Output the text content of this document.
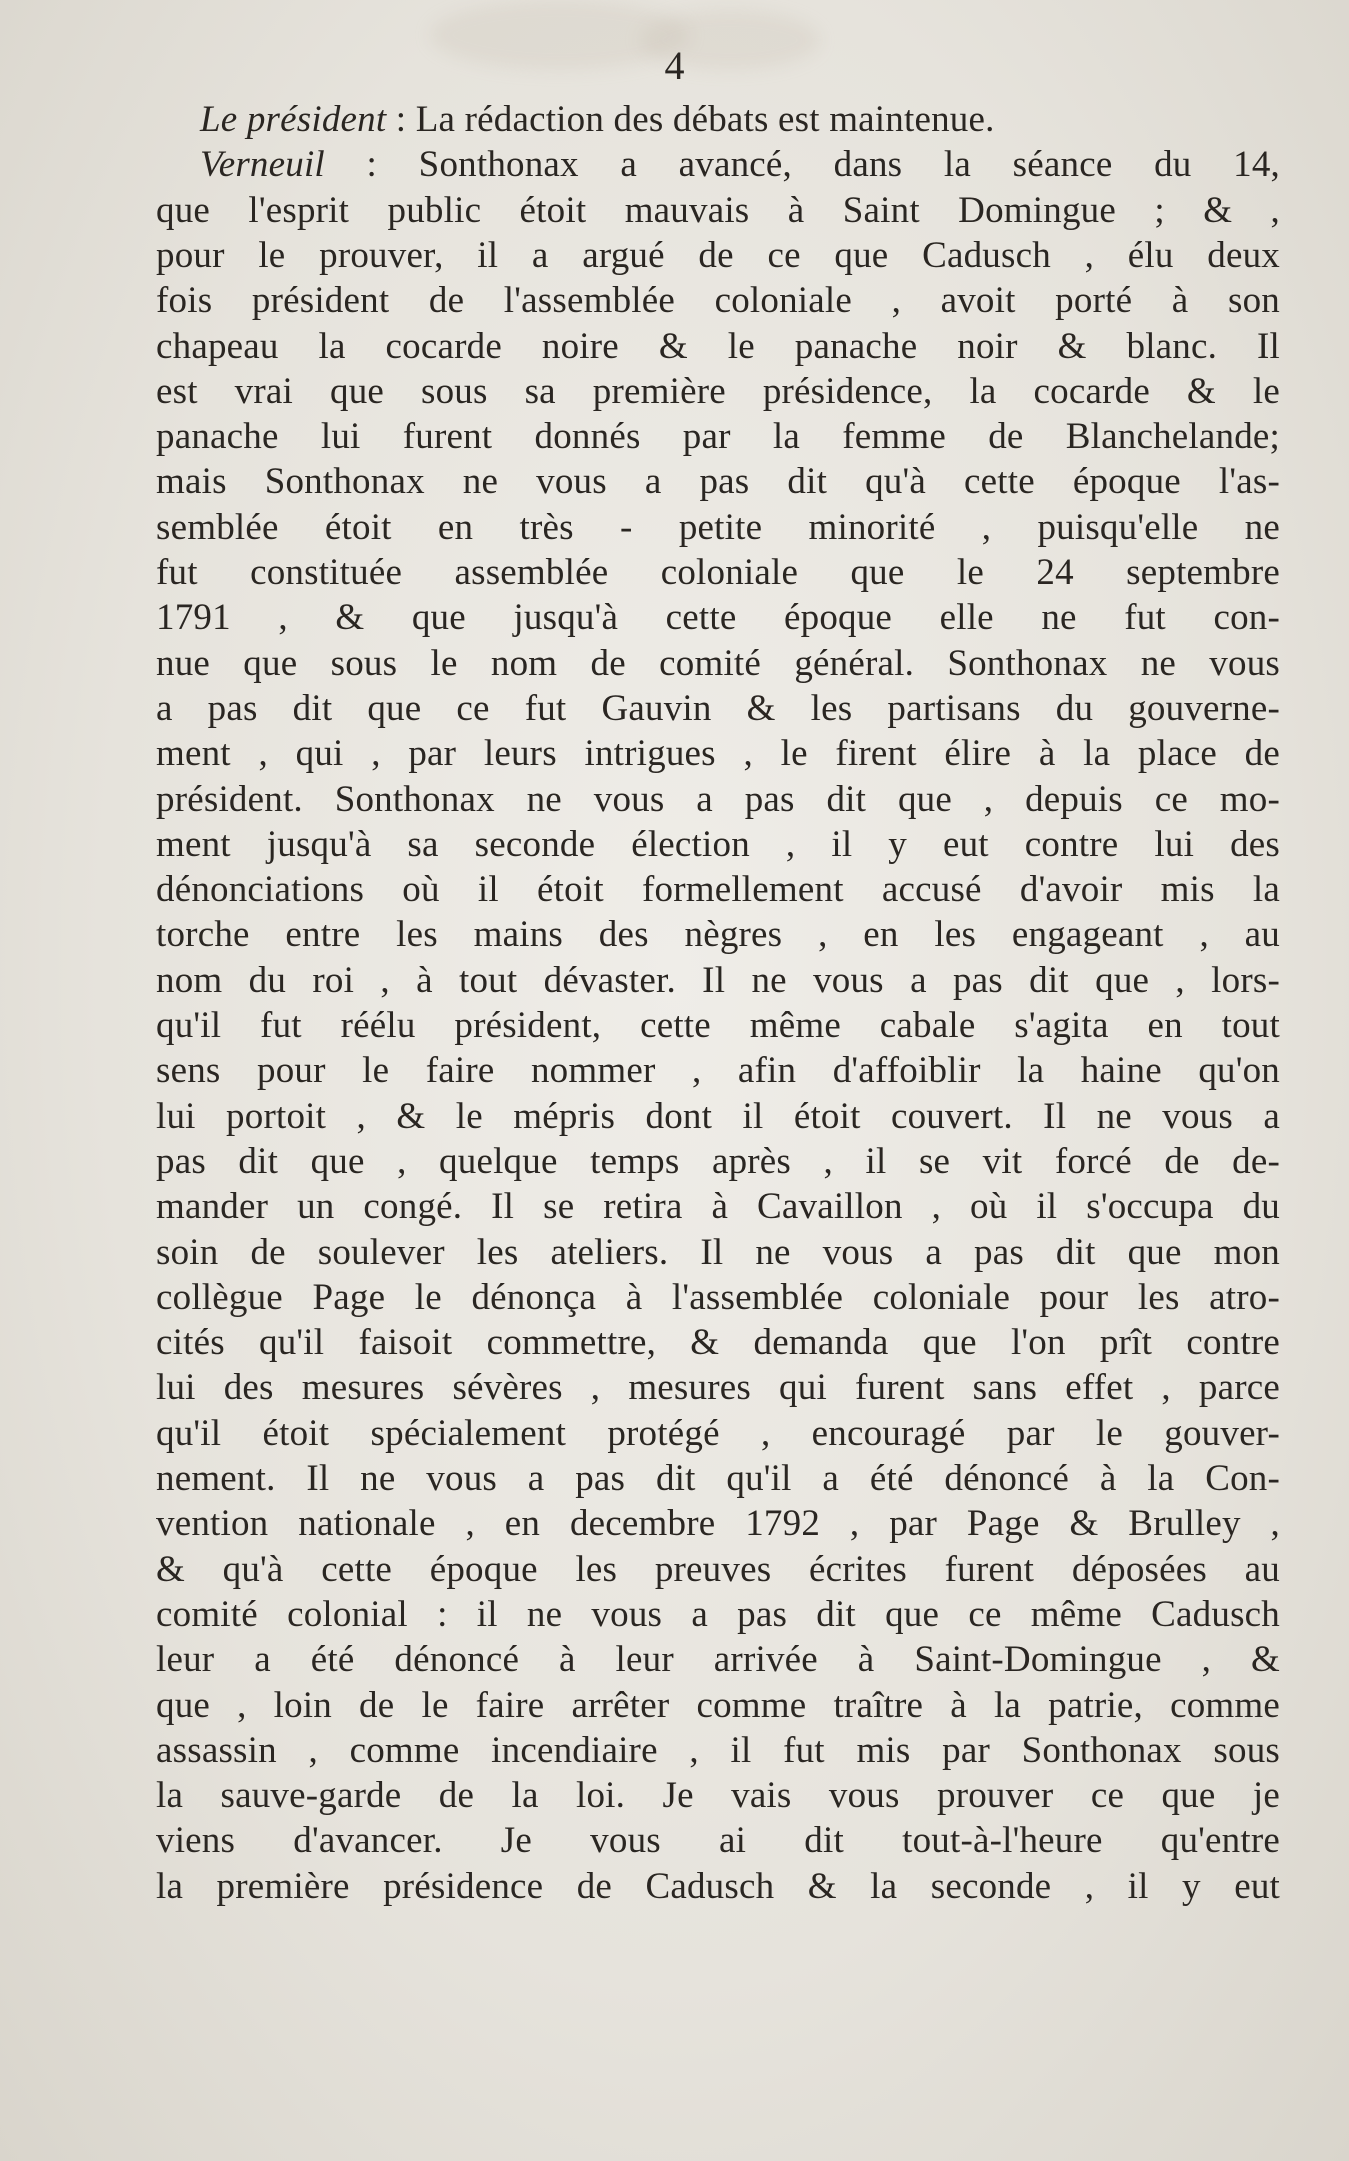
4
Le président : La rédaction des débats est maintenue.
Verneuil : Sonthonax a avancé, dans la séance du 14,
que l'esprit public étoit mauvais à Saint Domingue ; & ,
pour le prouver, il a argué de ce que Cadusch , élu deux
fois président de l'assemblée coloniale , avoit porté à son
chapeau la cocarde noire & le panache noir & blanc. Il
est vrai que sous sa première présidence, la cocarde & le
panache lui furent donnés par la femme de Blanchelande;
mais Sonthonax ne vous a pas dit qu'à cette époque l'as-
semblée étoit en très - petite minorité , puisqu'elle ne
fut constituée assemblée coloniale que le 24 septembre
1791 , & que jusqu'à cette époque elle ne fut con-
nue que sous le nom de comité général. Sonthonax ne vous
a pas dit que ce fut Gauvin & les partisans du gouverne-
ment , qui , par leurs intrigues , le firent élire à la place de
président. Sonthonax ne vous a pas dit que , depuis ce mo-
ment jusqu'à sa seconde élection , il y eut contre lui des
dénonciations où il étoit formellement accusé d'avoir mis la
torche entre les mains des nègres , en les engageant , au
nom du roi , à tout dévaster. Il ne vous a pas dit que , lors-
qu'il fut réélu président, cette même cabale s'agita en tout
sens pour le faire nommer , afin d'affoiblir la haine qu'on
lui portoit , & le mépris dont il étoit couvert. Il ne vous a
pas dit que , quelque temps après , il se vit forcé de de-
mander un congé. Il se retira à Cavaillon , où il s'occupa du
soin de soulever les ateliers. Il ne vous a pas dit que mon
collègue Page le dénonça à l'assemblée coloniale pour les atro-
cités qu'il faisoit commettre, & demanda que l'on prît contre
lui des mesures sévères , mesures qui furent sans effet , parce
qu'il étoit spécialement protégé , encouragé par le gouver-
nement. Il ne vous a pas dit qu'il a été dénoncé à la Con-
vention nationale , en decembre 1792 , par Page & Brulley ,
& qu'à cette époque les preuves écrites furent déposées au
comité colonial : il ne vous a pas dit que ce même Cadusch
leur a été dénoncé à leur arrivée à Saint-Domingue , &
que , loin de le faire arrêter comme traître à la patrie, comme
assassin , comme incendiaire , il fut mis par Sonthonax sous
la sauve-garde de la loi. Je vais vous prouver ce que je
viens d'avancer. Je vous ai dit tout-à-l'heure qu'entre
la première présidence de Cadusch & la seconde , il y eut
